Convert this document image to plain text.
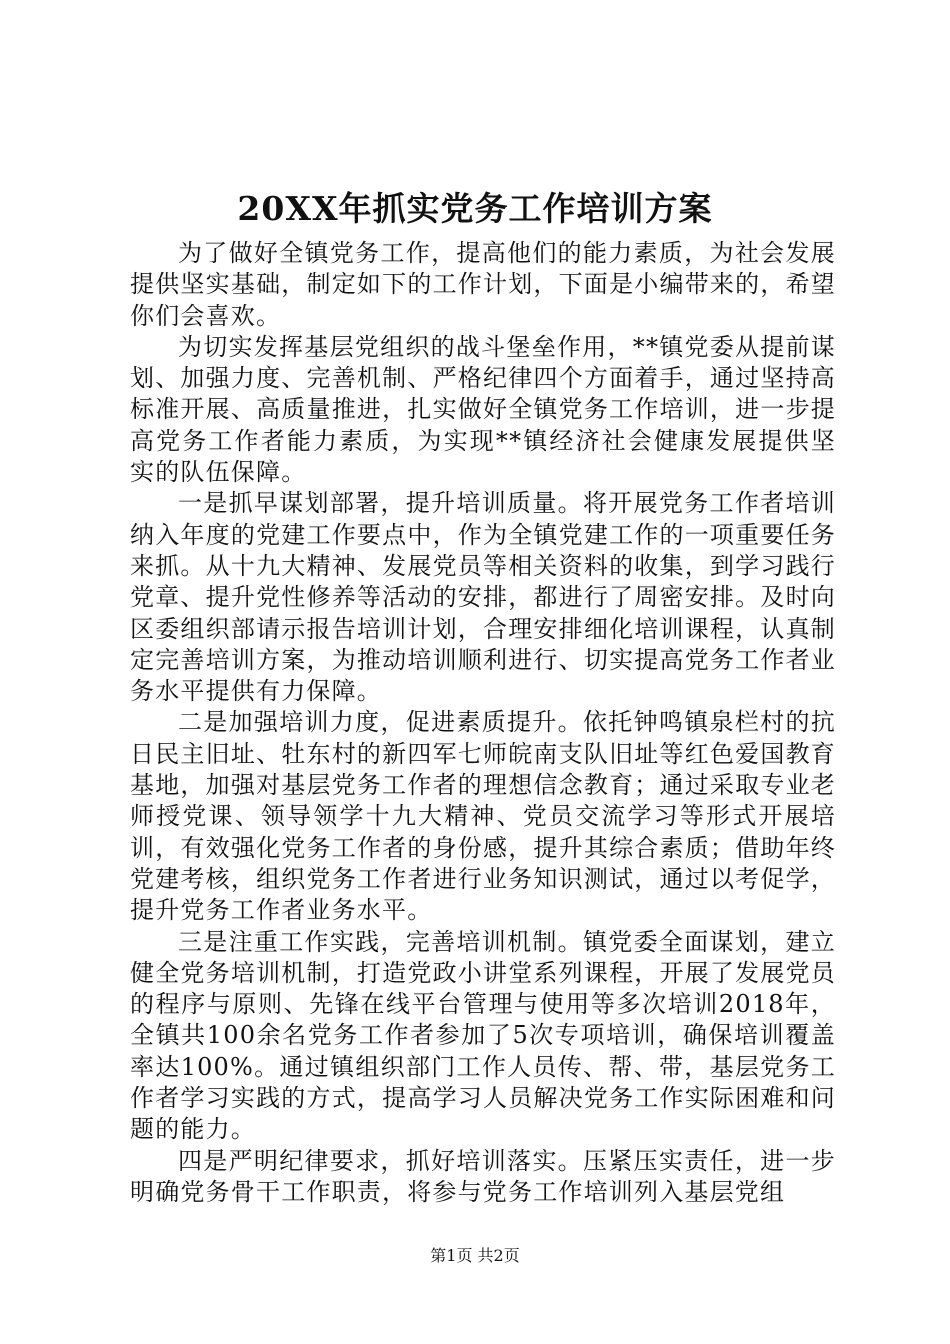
20XX年抓实党务工作培训方案

为了做好全镇党务工作，提高他们的能力素质，为社会发展提供坚实基础，制定如下的工作计划，下面是小编带来的，希望你们会喜欢。

为切实发挥基层党组织的战斗堡垒作用，**镇党委从提前谋划、加强力度、完善机制、严格纪律四个方面着手，通过坚持高标准开展、高质量推进，扎实做好全镇党务工作培训，进一步提高党务工作者能力素质，为实现**镇经济社会健康发展提供坚实的队伍保障。

一是抓早谋划部署，提升培训质量。将开展党务工作者培训纳入年度的党建工作要点中，作为全镇党建工作的一项重要任务来抓。从十九大精神、发展党员等相关资料的收集，到学习践行党章、提升党性修养等活动的安排，都进行了周密安排。及时向区委组织部请示报告培训计划，合理安排细化培训课程，认真制定完善培训方案，为推动培训顺利进行、切实提高党务工作者业务水平提供有力保障。

二是加强培训力度，促进素质提升。依托钟鸣镇泉栏村的抗日民主旧址、牡东村的新四军七师皖南支队旧址等红色爱国教育基地，加强对基层党务工作者的理想信念教育；通过采取专业老师授党课、领导领学十九大精神、党员交流学习等形式开展培训，有效强化党务工作者的身份感，提升其综合素质；借助年终党建考核，组织党务工作者进行业务知识测试，通过以考促学，提升党务工作者业务水平。

三是注重工作实践，完善培训机制。镇党委全面谋划，建立健全党务培训机制，打造党政小讲堂系列课程，开展了发展党员的程序与原则、先锋在线平台管理与使用等多次培训2018年，全镇共100余名党务工作者参加了5次专项培训，确保培训覆盖率达100%。通过镇组织部门工作人员传、帮、带，基层党务工作者学习实践的方式，提高学习人员解决党务工作实际困难和问题的能力。

四是严明纪律要求，抓好培训落实。压紧压实责任，进一步明确党务骨干工作职责，将参与党务工作培训列入基层党组

第1页 共2页
